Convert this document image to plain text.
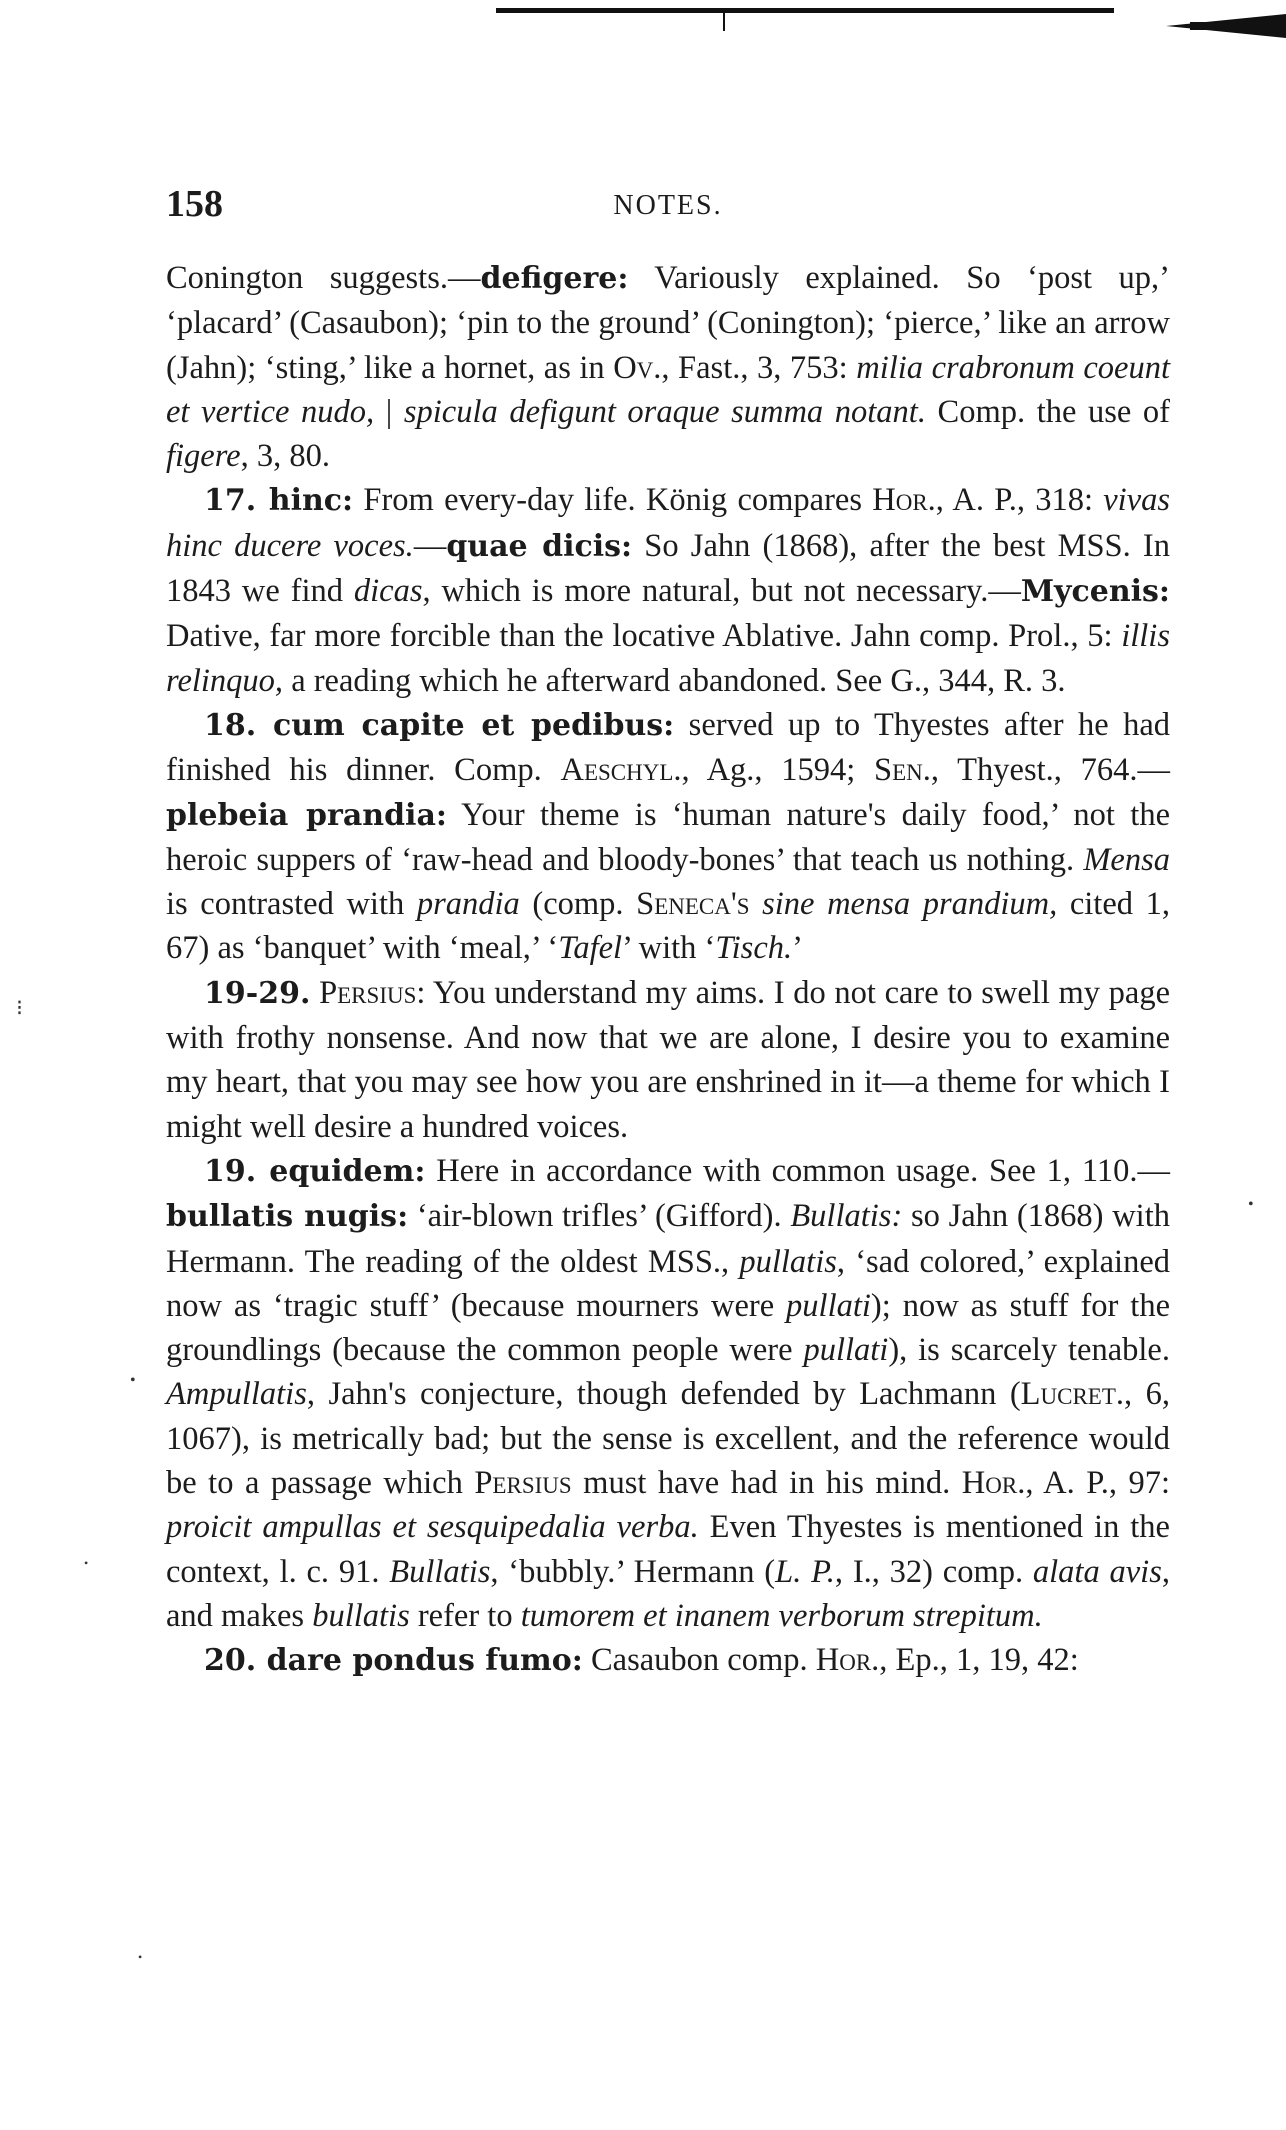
158	NOTES.

Conington suggests.—defigere: Variously explained. So ‘post up,’ ‘placard’ (Casaubon); ‘pin to the ground’ (Conington); ‘pierce,’ like an arrow (Jahn); ‘sting,’ like a hornet, as in Ov., Fast., 3, 753: milia crabronum coeunt et vertice nudo, | spicula defigunt oraque summa notant. Comp. the use of figere, 3, 80.

17. hinc: From every-day life. König compares Hor., A. P., 318: vivas hinc ducere voces.—quae dicis: So Jahn (1868), after the best MSS. In 1843 we find dicas, which is more natural, but not necessary.—Mycenis: Dative, far more forcible than the locative Ablative. Jahn comp. Prol., 5: illis relinquo, a reading which he afterward abandoned. See G., 344, R. 3.

18. cum capite et pedibus: served up to Thyestes after he had finished his dinner. Comp. Aeschyl., Ag., 1594; Sen., Thyest., 764.—plebeia prandia: Your theme is ‘human nature's daily food,’ not the heroic suppers of ‘raw-head and bloody-bones’ that teach us nothing. Mensa is contrasted with prandia (comp. Seneca's sine mensa prandium, cited 1, 67) as ‘banquet’ with ‘meal,’ ‘Tafel’ with ‘Tisch.’

19-29. Persius: You understand my aims. I do not care to swell my page with frothy nonsense. And now that we are alone, I desire you to examine my heart, that you may see how you are enshrined in it—a theme for which I might well desire a hundred voices.

19. equidem: Here in accordance with common usage. See 1, 110.—bullatis nugis: ‘air-blown trifles’ (Gifford). Bullatis: so Jahn (1868) with Hermann. The reading of the oldest MSS., pullatis, ‘sad colored,’ explained now as ‘tragic stuff’ (because mourners were pullati); now as stuff for the groundlings (because the common people were pullati), is scarcely tenable. Ampullatis, Jahn's conjecture, though defended by Lachmann (Lucret., 6, 1067), is metrically bad; but the sense is excellent, and the reference would be to a passage which Persius must have had in his mind. Hor., A. P., 97: proicit ampullas et sesquipedalia verba. Even Thyestes is mentioned in the context, l. c. 91. Bullatis, ‘bubbly.’ Hermann (L. P., I., 32) comp. alata avis, and makes bullatis refer to tumorem et inanem verborum strepitum.

20. dare pondus fumo: Casaubon comp. Hor., Ep., 1, 19, 42:

⁝
•
•
•
•
